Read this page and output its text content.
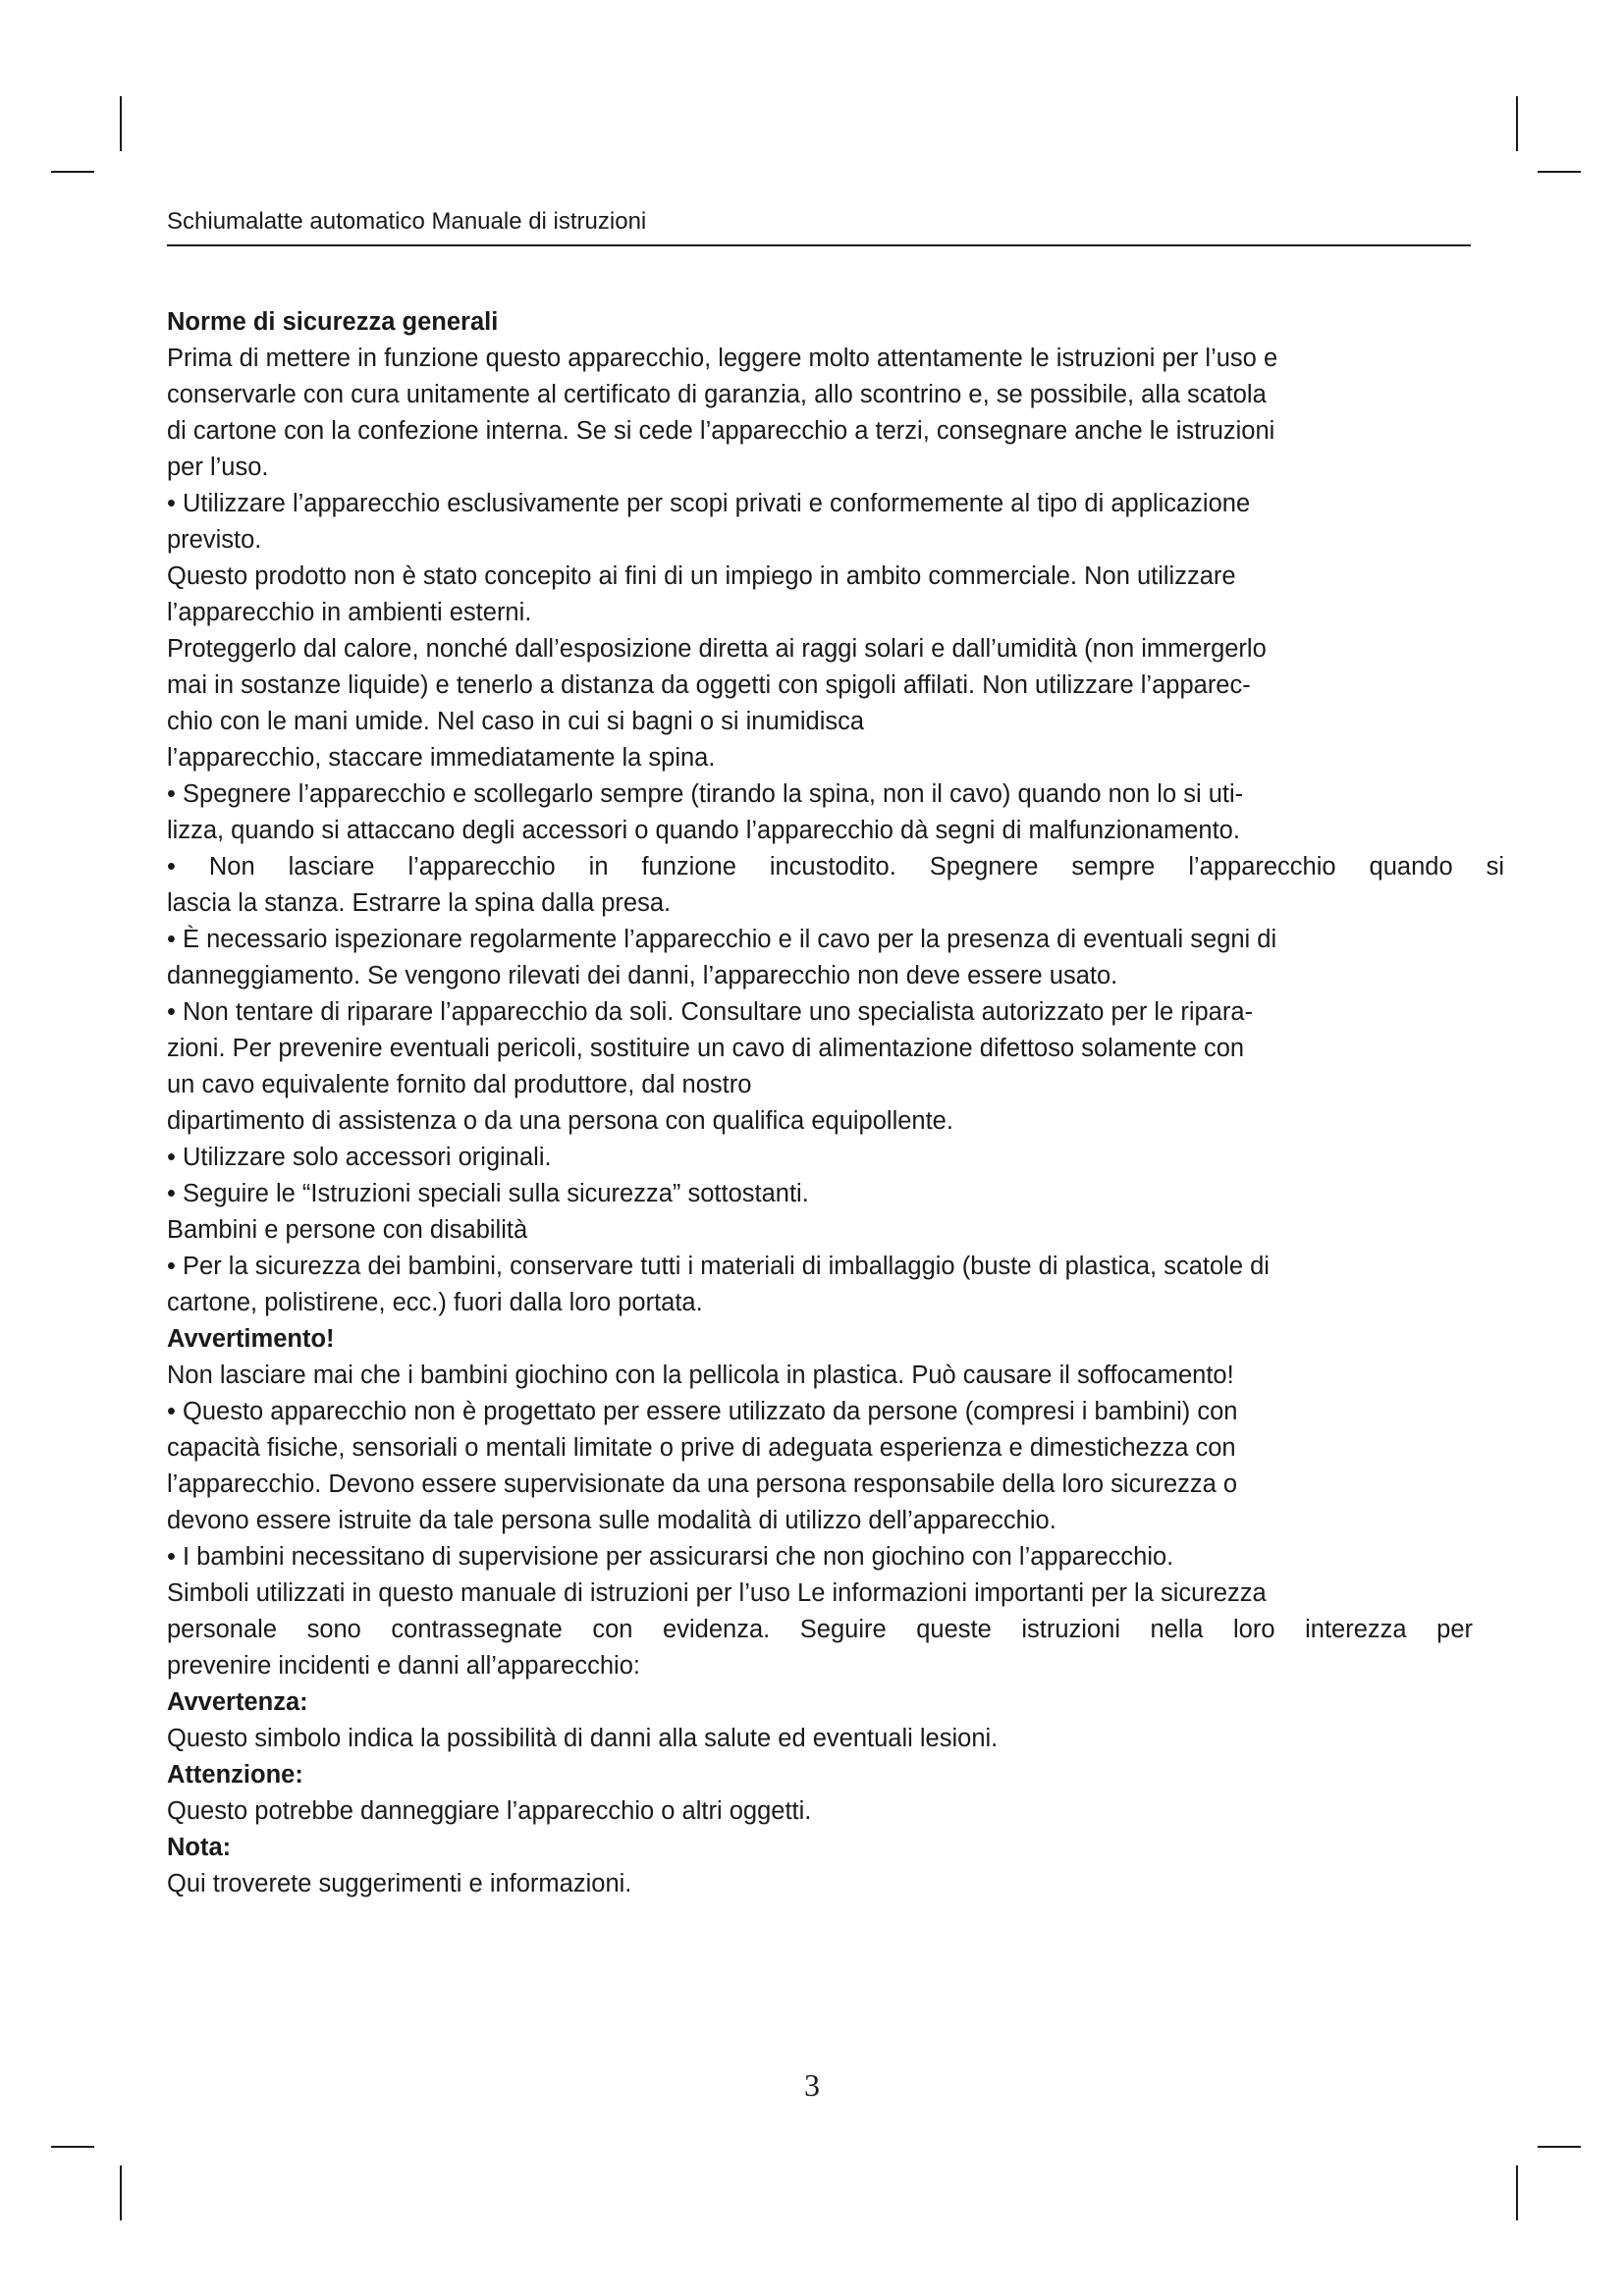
Schiumalatte automatico Manuale di istruzioni
Norme di sicurezza generali
Prima di mettere in funzione questo apparecchio, leggere molto attentamente le istruzioni per l’uso e
conservarle con cura unitamente al certificato di garanzia, allo scontrino e, se possibile, alla scatola
di cartone con la confezione interna. Se si cede l’apparecchio a terzi, consegnare anche le istruzioni
per l’uso.
• Utilizzare l’apparecchio esclusivamente per scopi privati e conformemente al tipo di applicazione
previsto.
Questo prodotto non è stato concepito ai fini di un impiego in ambito commerciale. Non utilizzare
l’apparecchio in ambienti esterni.
Proteggerlo dal calore, nonché dall’esposizione diretta ai raggi solari e dall’umidità (non immergerlo
mai in sostanze liquide) e tenerlo a distanza da oggetti con spigoli affilati. Non utilizzare l’apparec-
chio con le mani umide. Nel caso in cui si bagni o si inumidisca
l’apparecchio, staccare immediatamente la spina.
• Spegnere l’apparecchio e scollegarlo sempre (tirando la spina, non il cavo) quando non lo si uti-
lizza, quando si attaccano degli accessori o quando l’apparecchio dà segni di malfunzionamento.
• Non lasciare l’apparecchio in funzione incustodito. Spegnere sempre l’apparecchio quando si
lascia la stanza. Estrarre la spina dalla presa.
• È necessario ispezionare regolarmente l’apparecchio e il cavo per la presenza di eventuali segni di
danneggiamento. Se vengono rilevati dei danni, l’apparecchio non deve essere usato.
• Non tentare di riparare l’apparecchio da soli. Consultare uno specialista autorizzato per le ripara-
zioni. Per prevenire eventuali pericoli, sostituire un cavo di alimentazione difettoso solamente con
un cavo equivalente fornito dal produttore, dal nostro
dipartimento di assistenza o da una persona con qualifica equipollente.
• Utilizzare solo accessori originali.
• Seguire le “Istruzioni speciali sulla sicurezza” sottostanti.
Bambini e persone con disabilità
• Per la sicurezza dei bambini, conservare tutti i materiali di imballaggio (buste di plastica, scatole di
cartone, polistirene, ecc.) fuori dalla loro portata.
Avvertimento!
Non lasciare mai che i bambini giochino con la pellicola in plastica. Può causare il soffocamento!
• Questo apparecchio non è progettato per essere utilizzato da persone (compresi i bambini) con
capacità fisiche, sensoriali o mentali limitate o prive di adeguata esperienza e dimestichezza con
l’apparecchio. Devono essere supervisionate da una persona responsabile della loro sicurezza o
devono essere istruite da tale persona sulle modalità di utilizzo dell’apparecchio.
• I bambini necessitano di supervisione per assicurarsi che non giochino con l’apparecchio.
Simboli utilizzati in questo manuale di istruzioni per l’uso Le informazioni importanti per la sicurezza
personale sono contrassegnate con evidenza. Seguire queste istruzioni nella loro interezza per
prevenire incidenti e danni all’apparecchio:
Avvertenza:
Questo simbolo indica la possibilità di danni alla salute ed eventuali lesioni.
Attenzione:
Questo potrebbe danneggiare l’apparecchio o altri oggetti.
Nota:
Qui troverete suggerimenti e informazioni.
3
